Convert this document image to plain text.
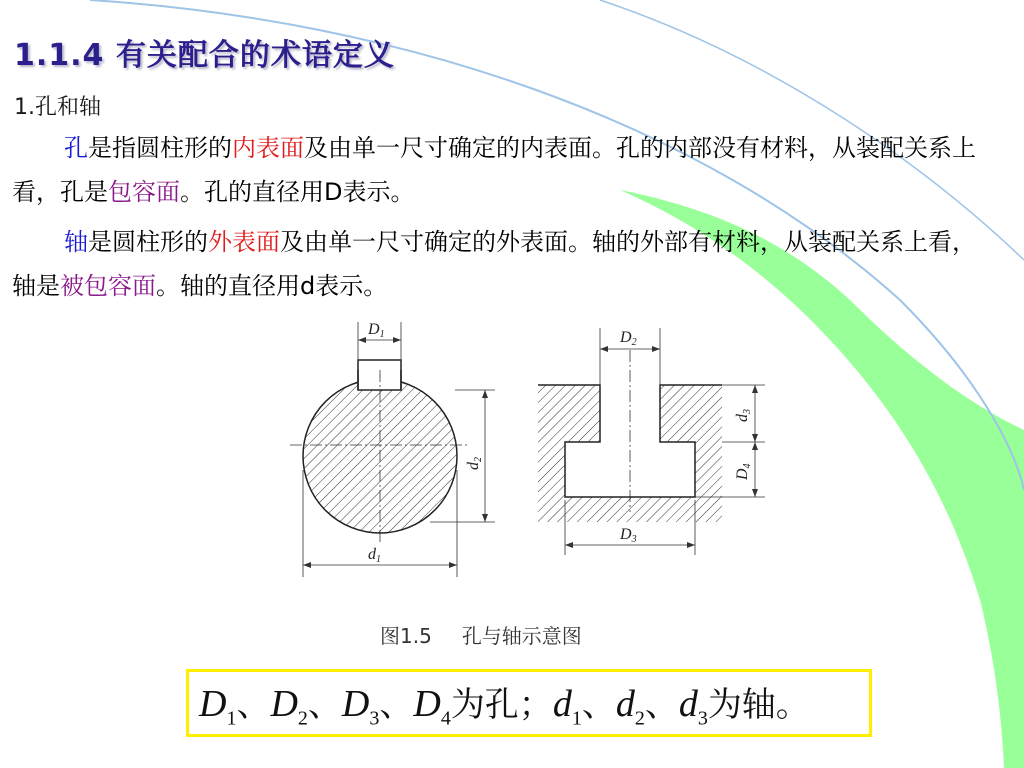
1.1.4 有关配合的术语定义
1.孔和轴
孔是指圆柱形的内表面及由单一尺寸确定的内表面。孔的内部没有材料，从装配关系上看，孔是包容面。孔的直径用D表示。
轴是圆柱形的外表面及由单一尺寸确定的外表面。轴的外部有材料，从装配关系上看，轴是被包容面。轴的直径用d表示。
D1
d2
d1
D2
d3
D4
D3
图1.5 孔与轴示意图
$D_1$、$D_2$、$D_3$、$D_4$为孔；$d_1$、$d_2$、$d_3$为轴。
